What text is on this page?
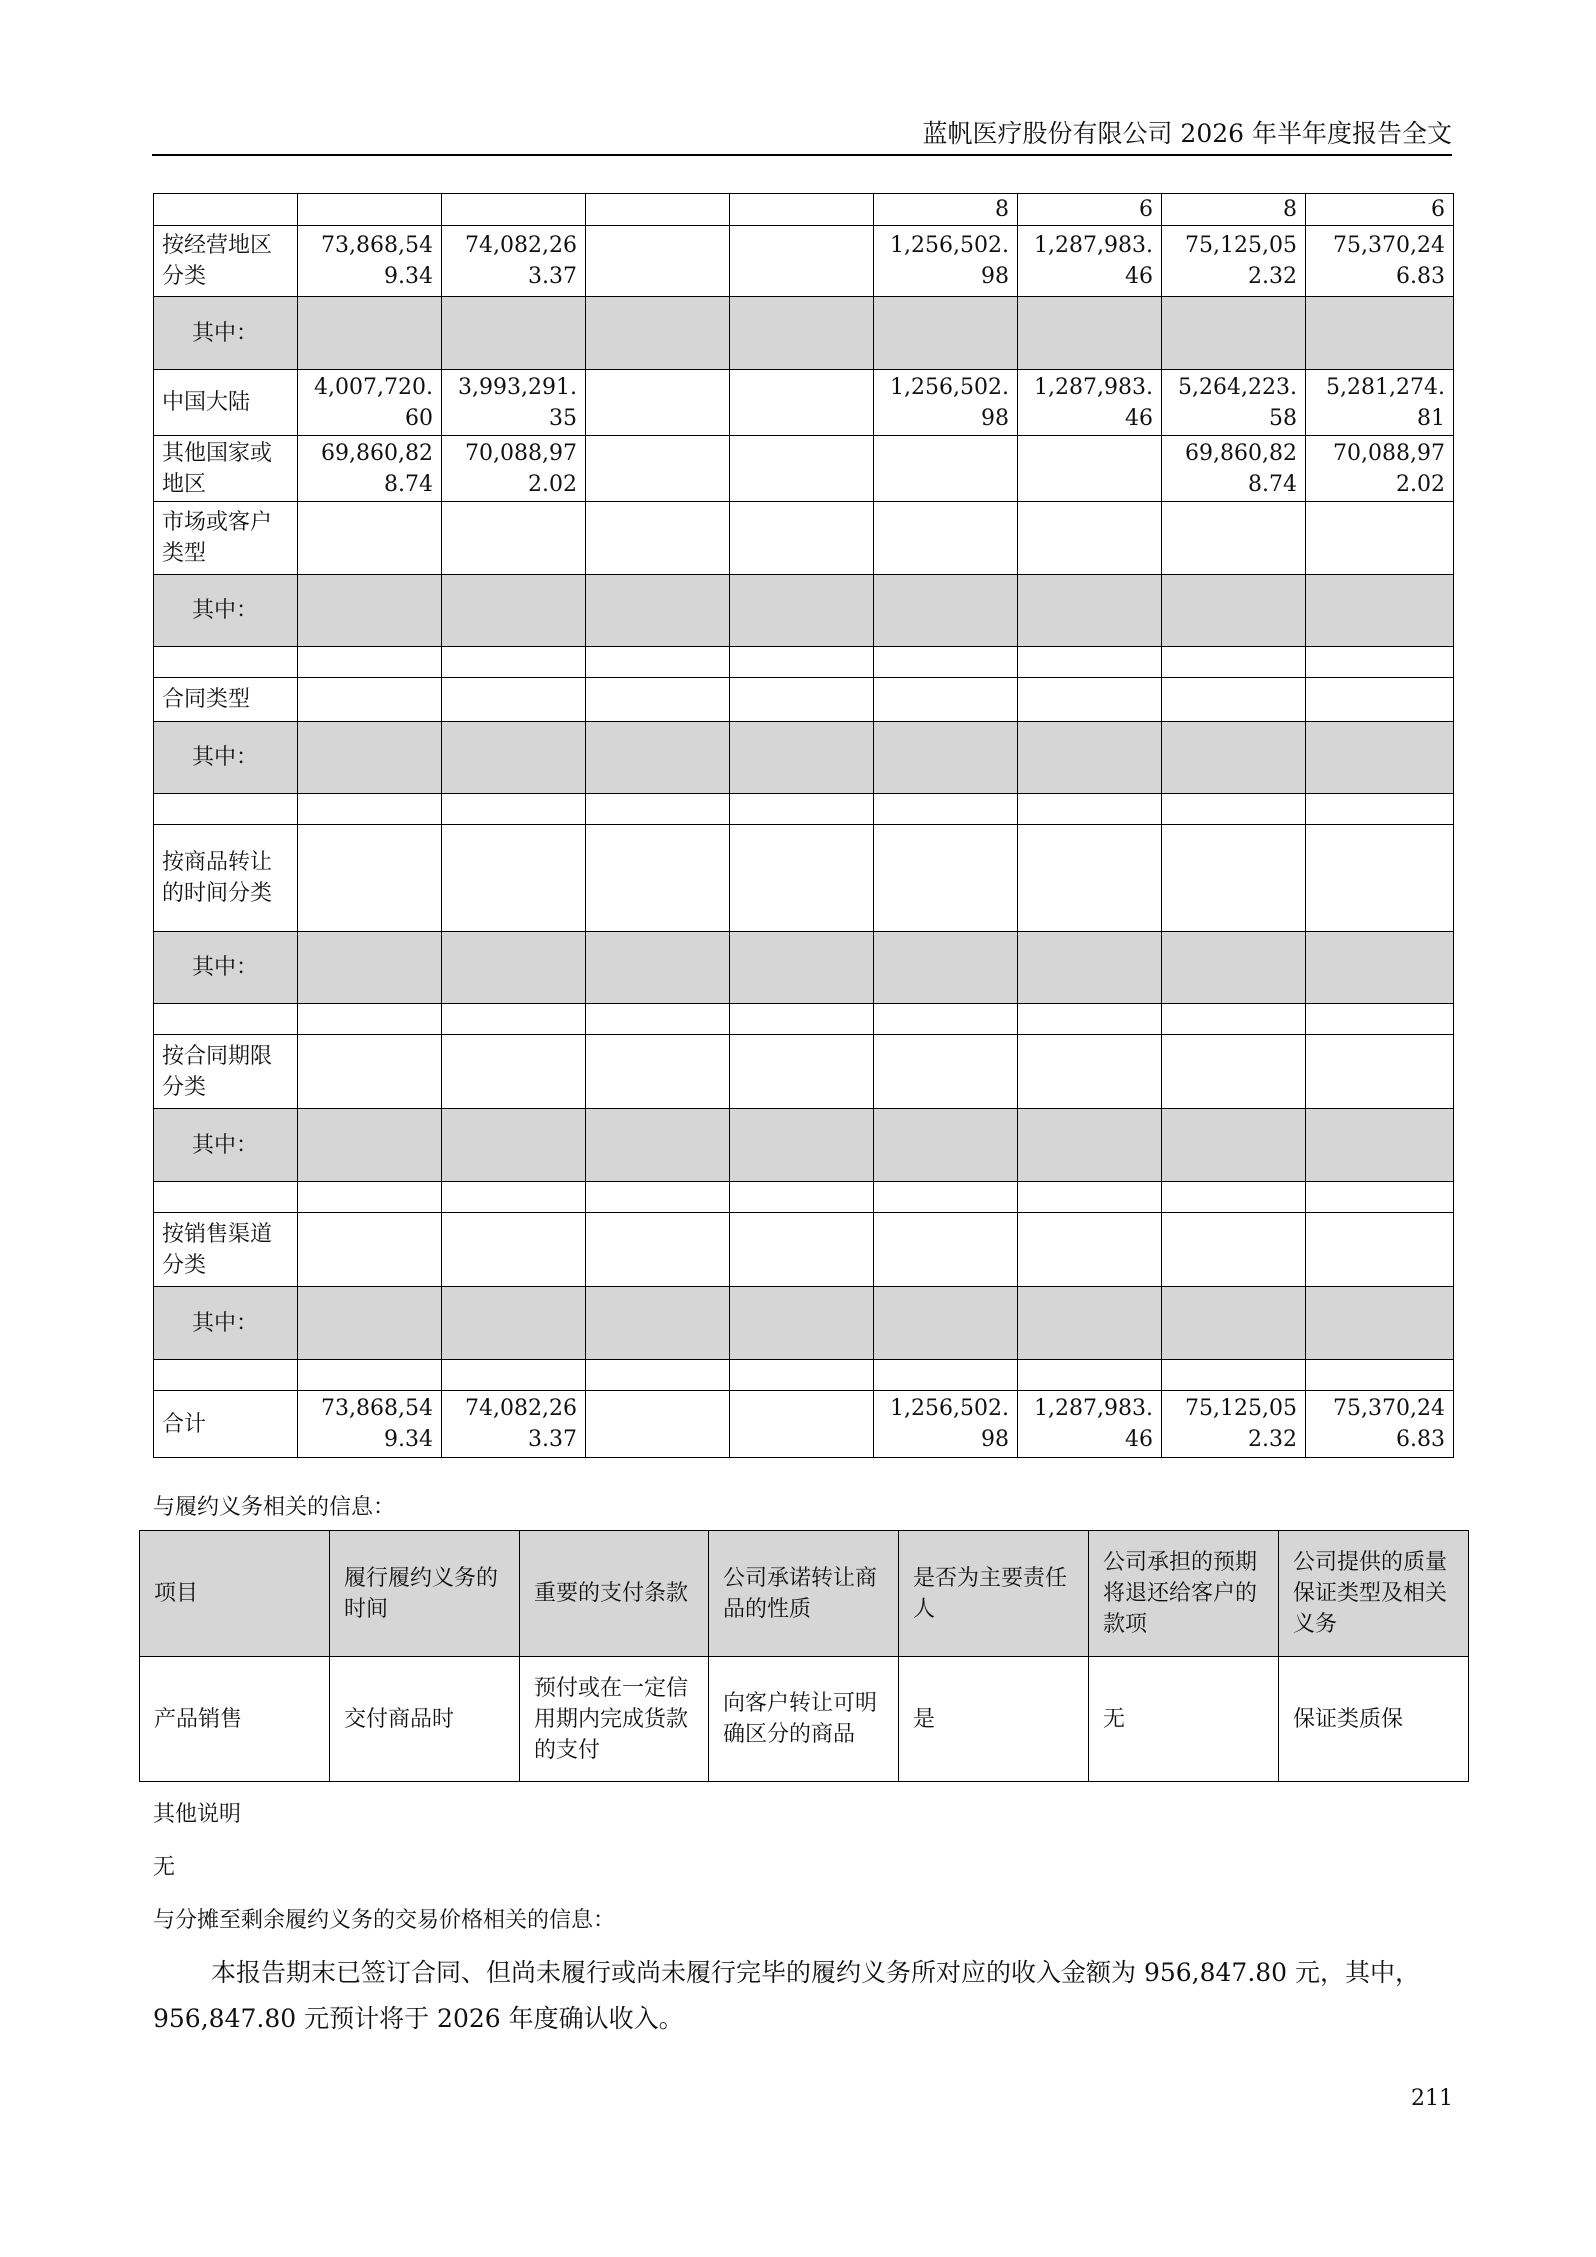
蓝帆医疗股份有限公司 2026 年半年度报告全文
					8	6	8	6
按经营地区分类	73,868,549.34	74,082,263.37			1,256,502.98	1,287,983.46	75,125,052.32	75,370,246.83
其中：								
中国大陆	4,007,720.60	3,993,291.35			1,256,502.98	1,287,983.46	5,264,223.58	5,281,274.81
其他国家或地区	69,860,828.74	70,088,972.02					69,860,828.74	70,088,972.02
市场或客户类型								
其中：								

合同类型								
其中：								

按商品转让的时间分类								
其中：								

按合同期限分类								
其中：								

按销售渠道分类								
其中：								

合计	73,868,549.34	74,082,263.37			1,256,502.98	1,287,983.46	75,125,052.32	75,370,246.83
与履约义务相关的信息：
项目	履行履约义务的时间	重要的支付条款	公司承诺转让商品的性质	是否为主要责任人	公司承担的预期将退还给客户的款项	公司提供的质量保证类型及相关义务
产品销售	交付商品时	预付或在一定信用期内完成货款的支付	向客户转让可明确区分的商品	是	无	保证类质保
其他说明
无
与分摊至剩余履约义务的交易价格相关的信息：
本报告期末已签订合同、但尚未履行或尚未履行完毕的履约义务所对应的收入金额为 956,847.80 元，其中，956,847.80 元预计将于 2026 年度确认收入。
211
